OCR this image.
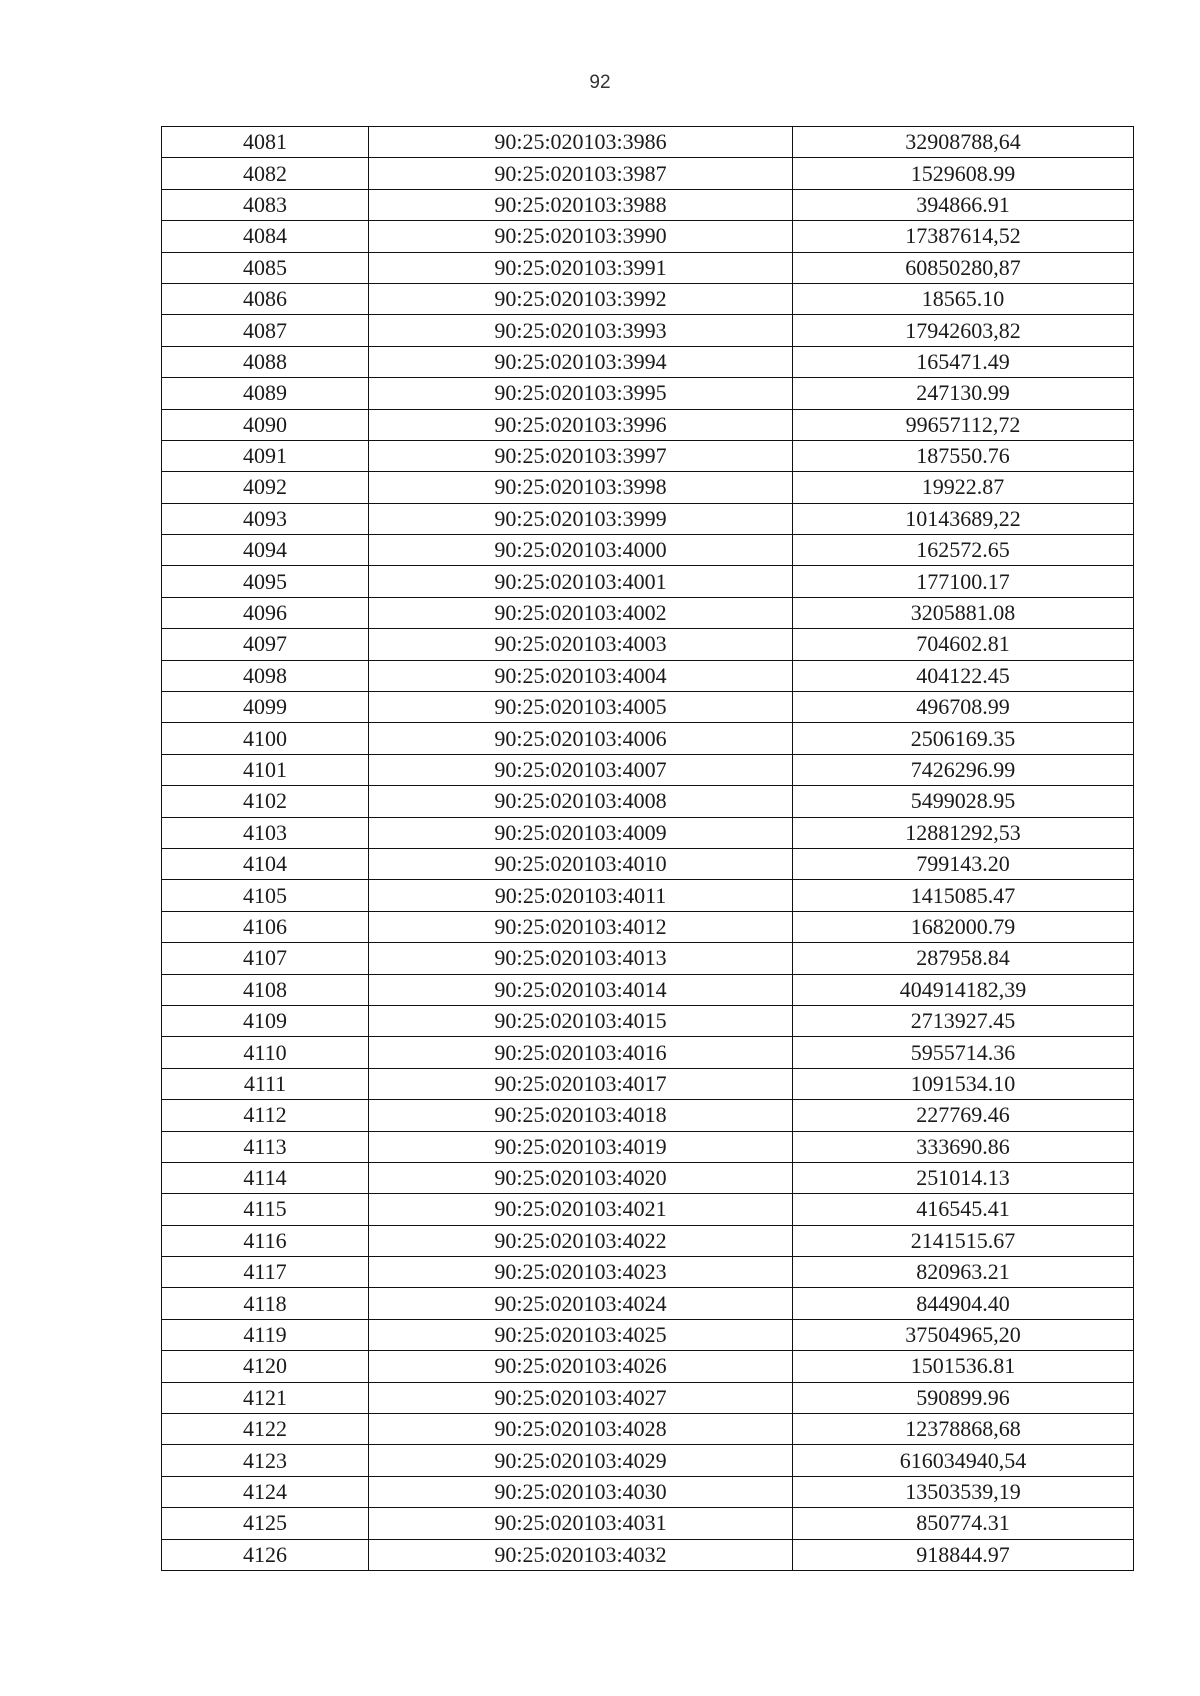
92
4081	90:25:020103:3986	32908788,64
4082	90:25:020103:3987	1529608.99
4083	90:25:020103:3988	394866.91
4084	90:25:020103:3990	17387614,52
4085	90:25:020103:3991	60850280,87
4086	90:25:020103:3992	18565.10
4087	90:25:020103:3993	17942603,82
4088	90:25:020103:3994	165471.49
4089	90:25:020103:3995	247130.99
4090	90:25:020103:3996	99657112,72
4091	90:25:020103:3997	187550.76
4092	90:25:020103:3998	19922.87
4093	90:25:020103:3999	10143689,22
4094	90:25:020103:4000	162572.65
4095	90:25:020103:4001	177100.17
4096	90:25:020103:4002	3205881.08
4097	90:25:020103:4003	704602.81
4098	90:25:020103:4004	404122.45
4099	90:25:020103:4005	496708.99
4100	90:25:020103:4006	2506169.35
4101	90:25:020103:4007	7426296.99
4102	90:25:020103:4008	5499028.95
4103	90:25:020103:4009	12881292,53
4104	90:25:020103:4010	799143.20
4105	90:25:020103:4011	1415085.47
4106	90:25:020103:4012	1682000.79
4107	90:25:020103:4013	287958.84
4108	90:25:020103:4014	404914182,39
4109	90:25:020103:4015	2713927.45
4110	90:25:020103:4016	5955714.36
4111	90:25:020103:4017	1091534.10
4112	90:25:020103:4018	227769.46
4113	90:25:020103:4019	333690.86
4114	90:25:020103:4020	251014.13
4115	90:25:020103:4021	416545.41
4116	90:25:020103:4022	2141515.67
4117	90:25:020103:4023	820963.21
4118	90:25:020103:4024	844904.40
4119	90:25:020103:4025	37504965,20
4120	90:25:020103:4026	1501536.81
4121	90:25:020103:4027	590899.96
4122	90:25:020103:4028	12378868,68
4123	90:25:020103:4029	616034940,54
4124	90:25:020103:4030	13503539,19
4125	90:25:020103:4031	850774.31
4126	90:25:020103:4032	918844.97
